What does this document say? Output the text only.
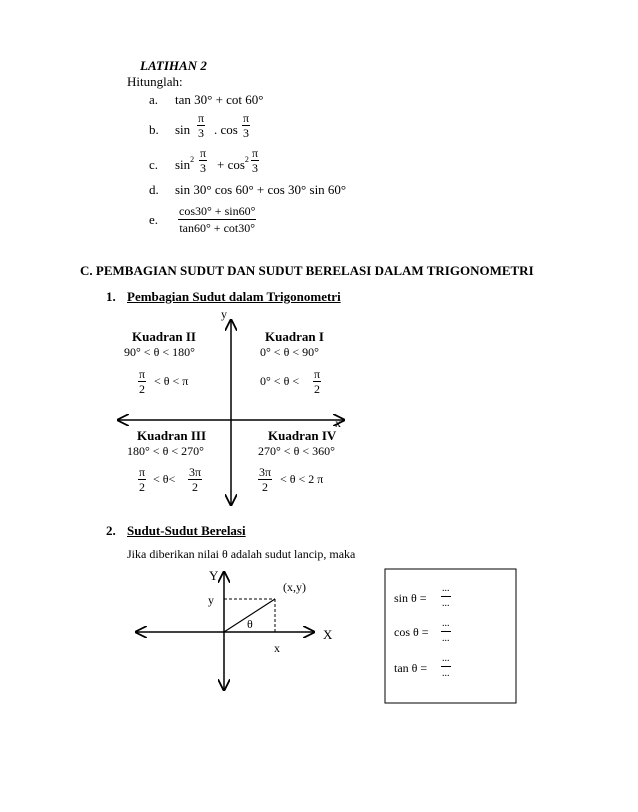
LATIHAN 2
Hitunglah:
a. tan 30° + cot 60°
b. $\sin \frac{\pi}{3}$ . $\cos \frac{\pi}{3}$
c. $\sin^2 \frac{\pi}{3} + \cos^2 \frac{\pi}{3}$
d. sin 30° cos 60° + cos 30° sin 60°
e. $\frac{\cos 30^\circ + \sin 60^\circ}{\tan 60^\circ + \cot 30^\circ}$
C. PEMBAGIAN SUDUT DAN SUDUT BERELASI DALAM TRIGONOMETRI
1. Pembagian Sudut dalam Trigonometri
y
x
Kuadran II
90° < θ < 180°
$\frac{\pi}{2} < \theta < \pi$
Kuadran I
0° < θ < 90°
$0^\circ < \theta < \frac{\pi}{2}$
Kuadran III
180° < θ < 270°
$\frac{\pi}{2} < \theta< \frac{3\pi}{2}$
Kuadran IV
270° < θ < 360°
$\frac{3\pi}{2} < \theta < 2$ π
2. Sudut-Sudut Berelasi
Jika diberikan nilai θ adalah sudut lancip, maka
Y
X
y
x
(x,y)
θ
sin θ =
...
...
cos θ =
...
...
tan θ =
...
...
